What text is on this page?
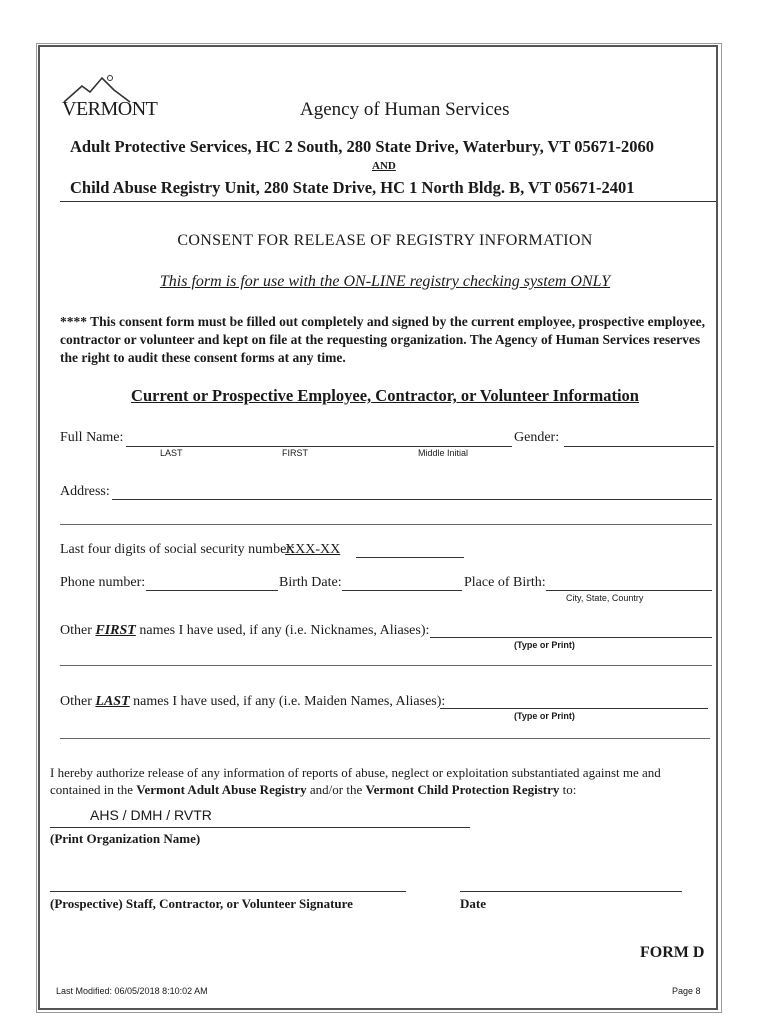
VERMONT	Agency of Human Services
Adult Protective Services, HC 2 South, 280 State Drive, Waterbury, VT 05671-2060
AND
Child Abuse Registry Unit, 280 State Drive, HC 1 North Bldg. B, VT 05671-2401
CONSENT FOR RELEASE OF REGISTRY INFORMATION
This form is for use with the ON-LINE registry checking system ONLY
**** This consent form must be filled out completely and signed by the current employee, prospective employee, contractor or volunteer and kept on file at the requesting organization. The Agency of Human Services reserves the right to audit these consent forms at any time.
Current or Prospective Employee, Contractor, or Volunteer Information
Full Name:
LAST	FIRST	Middle Initial
Gender:
Address:
Last four digits of social security number:
XXX-XX
Phone number:	Birth Date:	Place of Birth:
City, State, Country
Other FIRST names I have used, if any (i.e. Nicknames, Aliases):
(Type or Print)
Other LAST names I have used, if any (i.e. Maiden Names, Aliases):
(Type or Print)
I hereby authorize release of any information of reports of abuse, neglect or exploitation substantiated against me and contained in the Vermont Adult Abuse Registry and/or the Vermont Child Protection Registry to:
AHS / DMH / RVTR
(Print Organization Name)
(Prospective) Staff, Contractor, or Volunteer Signature	Date
FORM D
Last Modified: 06/05/2018 8:10:02 AM	Page 8
